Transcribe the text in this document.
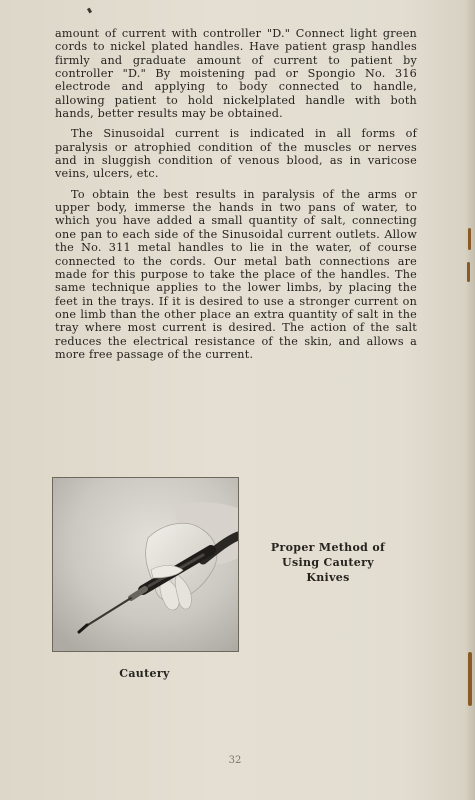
amount of current with controller "D." Connect light green cords to nickel plated handles. Have patient grasp handles firmly and graduate amount of current to patient by controller "D." By moistening pad or Spongio No. 316 electrode and applying to body connected to handle, allowing patient to hold nickelplated handle with both hands, better results may be obtained.

The Sinusoidal current is indicated in all forms of paralysis or atrophied condition of the muscles or nerves and in sluggish condition of venous blood, as in varicose veins, ulcers, etc.

To obtain the best results in paralysis of the arms or upper body, immerse the hands in two pans of water, to which you have added a small quantity of salt, connecting one pan to each side of the Sinusoidal current outlets. Allow the No. 311 metal handles to lie in the water, of course connected to the cords. Our metal bath connections are made for this purpose to take the place of the handles. The same technique applies to the lower limbs, by placing the feet in the trays. If it is desired to use a stronger current on one limb than the other place an extra quantity of salt in the tray where most current is desired. The action of the salt reduces the electrical resistance of the skin, and allows a more free passage of the current.

Cautery
Proper Method of
Using Cautery
Knives
32
